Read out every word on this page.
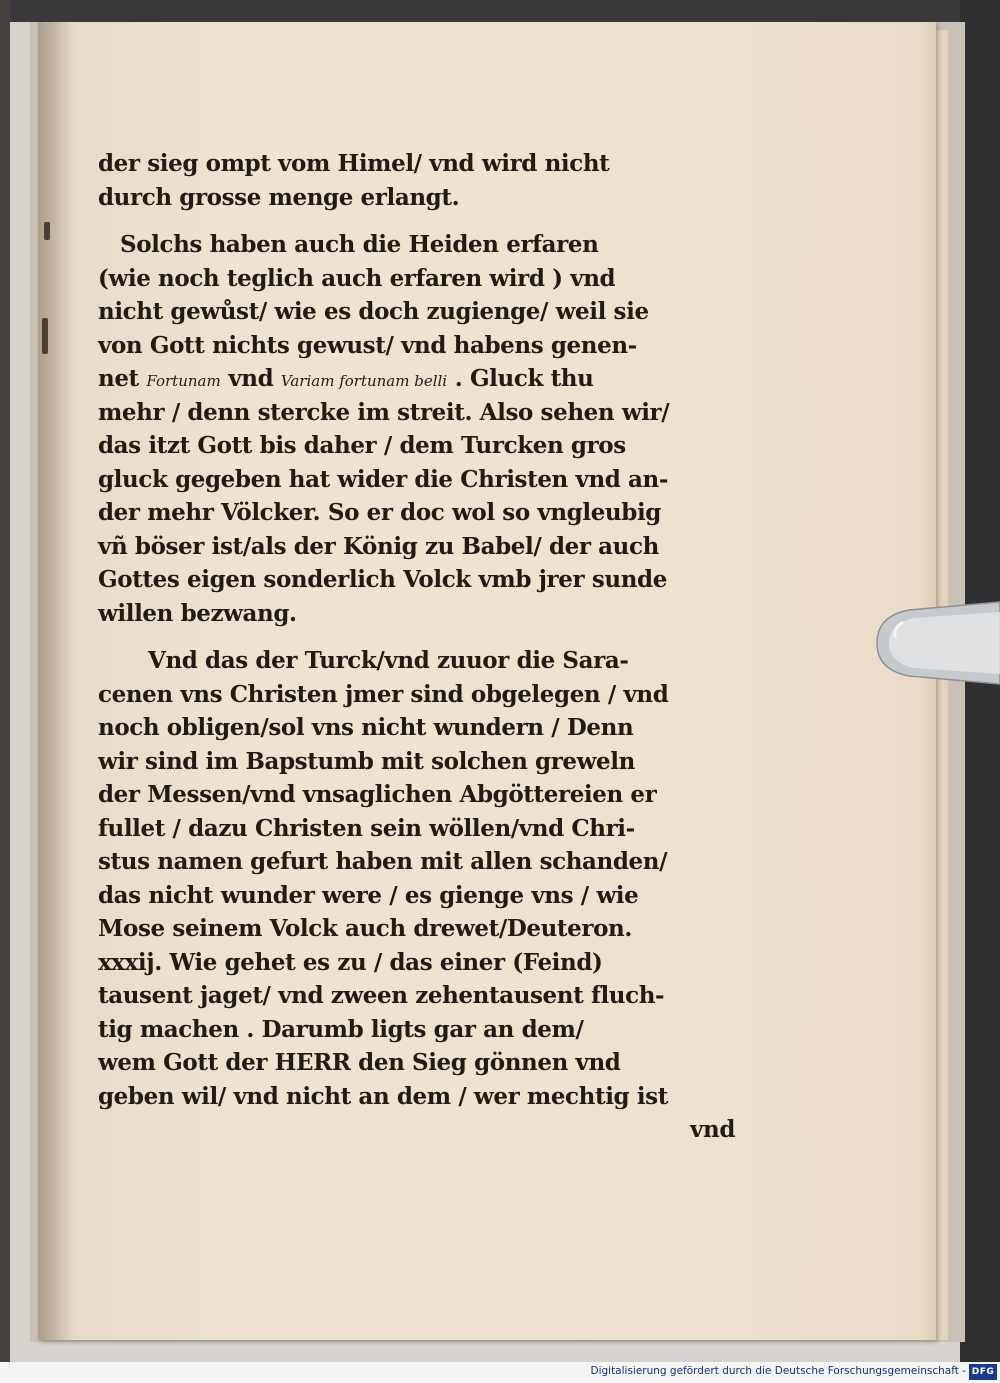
der sieg ompt vom Himel/ vnd wird nicht
durch grosse menge erlangt.
Solchs haben auch die Heiden erfaren
(wie noch teglich auch erfaren wird ) vnd
nicht gewůst/ wie es doch zugienge/ weil sie
von Gott nichts gewust/ vnd habens genen-
net Fortunam vnd Variam fortunam belli . Gluck thu
mehr / denn stercke im streit. Also sehen wir/
das itzt Gott bis daher / dem Turcken gros
gluck gegeben hat wider die Christen vnd an-
der mehr Völcker. So er doc wol so vngleubig
vñ böser ist/als der König zu Babel/ der auch
Gottes eigen sonderlich Volck vmb jrer sunde
willen bezwang.
Vnd das der Turck/vnd zuuor die Sara-
cenen vns Christen jmer sind obgelegen / vnd
noch obligen/sol vns nicht wundern / Denn
wir sind im Bapstumb mit solchen greweln
der Messen/vnd vnsaglichen Abgöttereien er
fullet / dazu Christen sein wöllen/vnd Chri-
stus namen gefurt haben mit allen schanden/
das nicht wunder were / es gienge vns / wie
Mose seinem Volck auch drewet/Deuteron.
xxxij. Wie gehet es zu / das einer (Feind)
tausent jaget/ vnd zween zehentausent fluch-
tig machen . Darumb ligts gar an dem/
wem Gott der HERR den Sieg gönnen vnd
geben wil/ vnd nicht an dem / wer mechtig ist
vnd
Digitalisierung gefördert durch die Deutsche Forschungsgemeinschaft - DFG
